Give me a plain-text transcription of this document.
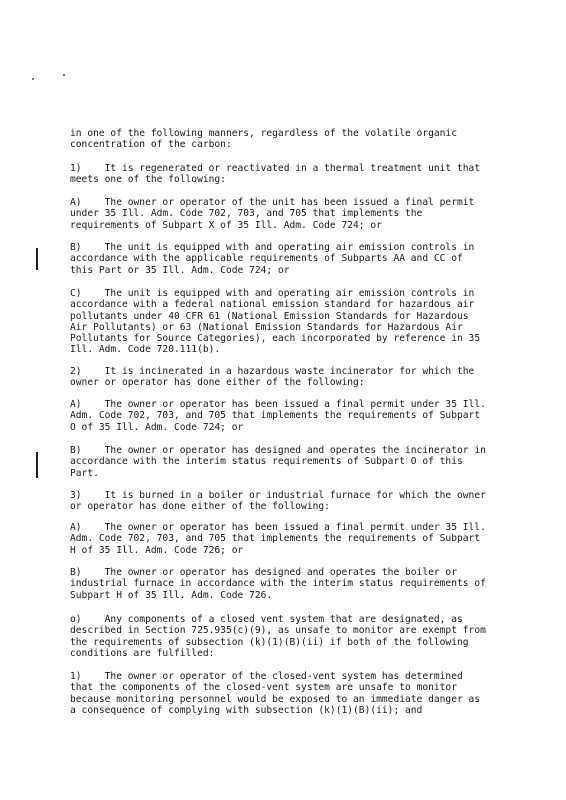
in one of the following manners, regardless of the volatile organic
concentration of the carbon:

1)    It is regenerated or reactivated in a thermal treatment unit that
meets one of the following:

A)    The owner or operator of the unit has been issued a final permit
under 35 Ill. Adm. Code 702, 703, and 705 that implements the
requirements of Subpart X of 35 Ill. Adm. Code 724; or

B)    The unit is equipped with and operating air emission controls in
accordance with the applicable requirements of Subparts AA and CC of
this Part or 35 Ill. Adm. Code 724; or

C)    The unit is equipped with and operating air emission controls in
accordance with a federal national emission standard for hazardous air
pollutants under 40 CFR 61 (National Emission Standards for Hazardous
Air Pollutants) or 63 (National Emission Standards for Hazardous Air
Pollutants for Source Categories), each incorporated by reference in 35
Ill. Adm. Code 720.111(b).

2)    It is incinerated in a hazardous waste incinerator for which the
owner or operator has done either of the following:

A)    The owner or operator has been issued a final permit under 35 Ill.
Adm. Code 702, 703, and 705 that implements the requirements of Subpart
O of 35 Ill. Adm. Code 724; or

B)    The owner or operator has designed and operates the incinerator in
accordance with the interim status requirements of Subpart O of this
Part.

3)    It is burned in a boiler or industrial furnace for which the owner
or operator has done either of the following:

A)    The owner or operator has been issued a final permit under 35 Ill.
Adm. Code 702, 703, and 705 that implements the requirements of Subpart
H of 35 Ill. Adm. Code 726; or

B)    The owner or operator has designed and operates the boiler or
industrial furnace in accordance with the interim status requirements of
Subpart H of 35 Ill. Adm. Code 726.

o)    Any components of a closed vent system that are designated, as
described in Section 725.935(c)(9), as unsafe to monitor are exempt from
the requirements of subsection (k)(1)(B)(ii) if both of the following
conditions are fulfilled:

1)    The owner or operator of the closed-vent system has determined
that the components of the closed-vent system are unsafe to monitor
because monitoring personnel would be exposed to an immediate danger as
a consequence of complying with subsection (k)(1)(B)(ii); and
